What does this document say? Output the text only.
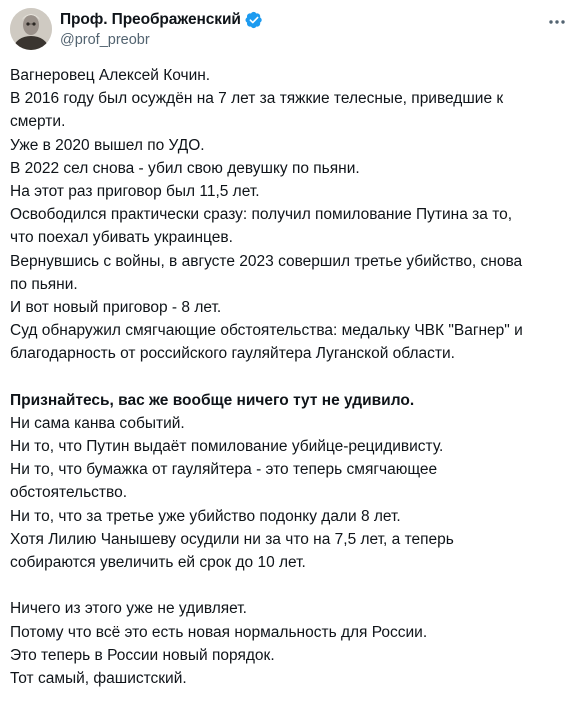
Проф. Преображенский
@prof_preobr
Вагнеровец Алексей Кочин.
В 2016 году был осуждён на 7 лет за тяжкие телесные, приведшие к
смерти.
Уже в 2020 вышел по УДО.
В 2022 сел снова - убил свою девушку по пьяни.
На этот раз приговор был 11,5 лет.
Освободился практически сразу: получил помилование Путина за то,
что поехал убивать украинцев.
Вернувшись с войны, в августе 2023 совершил третье убийство, снова
по пьяни.
И вот новый приговор - 8 лет.
Суд обнаружил смягчающие обстоятельства: медальку ЧВК "Вагнер" и
благодарность от российского гауляйтера Луганской области.
Признайтесь, вас же вообще ничего тут не удивило.
Ни сама канва событий.
Ни то, что Путин выдаёт помилование убийце-рецидивисту.
Ни то, что бумажка от гауляйтера - это теперь смягчающее
обстоятельство.
Ни то, что за третье уже убийство подонку дали 8 лет.
Хотя Лилию Чанышеву осудили ни за что на 7,5 лет, а теперь
собираются увеличить ей срок до 10 лет.
Ничего из этого уже не удивляет.
Потому что всё это есть новая нормальность для России.
Это теперь в России новый порядок.
Тот самый, фашистский.
